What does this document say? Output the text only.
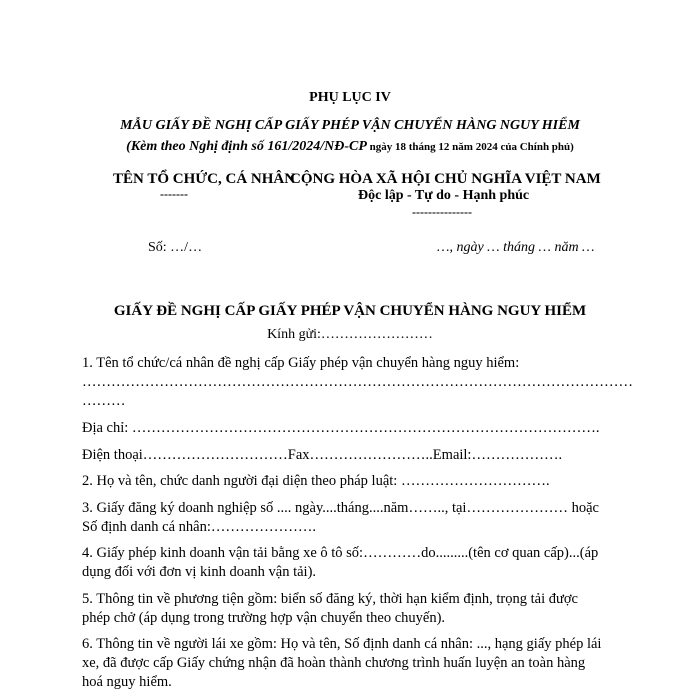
PHỤ LỤC IV
MẪU GIẤY ĐỀ NGHỊ CẤP GIẤY PHÉP VẬN CHUYỂN HÀNG NGUY HIỂM
(Kèm theo Nghị định số 161/2024/NĐ-CP ngày 18 tháng 12 năm 2024 của Chính phủ)
TÊN TỔ CHỨC, CÁ NHÂN
-------
CỘNG HÒA XÃ HỘI CHỦ NGHĨA VIỆT NAM
Độc lập - Tự do - Hạnh phúc
---------------
Số: …/…	…, ngày … tháng … năm …
GIẤY ĐỀ NGHỊ CẤP GIẤY PHÉP VẬN CHUYỂN HÀNG NGUY HIỂM
Kính gửi:……………………
1. Tên tổ chức/cá nhân đề nghị cấp Giấy phép vận chuyển hàng nguy hiểm:
……………………………………………………………………………………………………
………
Địa chỉ: …………………………………………………………………………………….
Điện thoại…………………………Fax……………………..Email:……………….
2. Họ và tên, chức danh người đại diện theo pháp luật: ………………………….
3. Giấy đăng ký doanh nghiệp số .... ngày....tháng....năm…….., tại………………… hoặc
Số định danh cá nhân:………………….
4. Giấy phép kinh doanh vận tải bằng xe ô tô số:…………do.........(tên cơ quan cấp)...(áp
dụng đối với đơn vị kinh doanh vận tải).
5. Thông tin về phương tiện gồm: biển số đăng ký, thời hạn kiểm định, trọng tải được
phép chở (áp dụng trong trường hợp vận chuyển theo chuyến).
6. Thông tin về người lái xe gồm: Họ và tên, Số định danh cá nhân: ..., hạng giấy phép lái
xe, đã được cấp Giấy chứng nhận đã hoàn thành chương trình huấn luyện an toàn hàng
hoá nguy hiểm.
